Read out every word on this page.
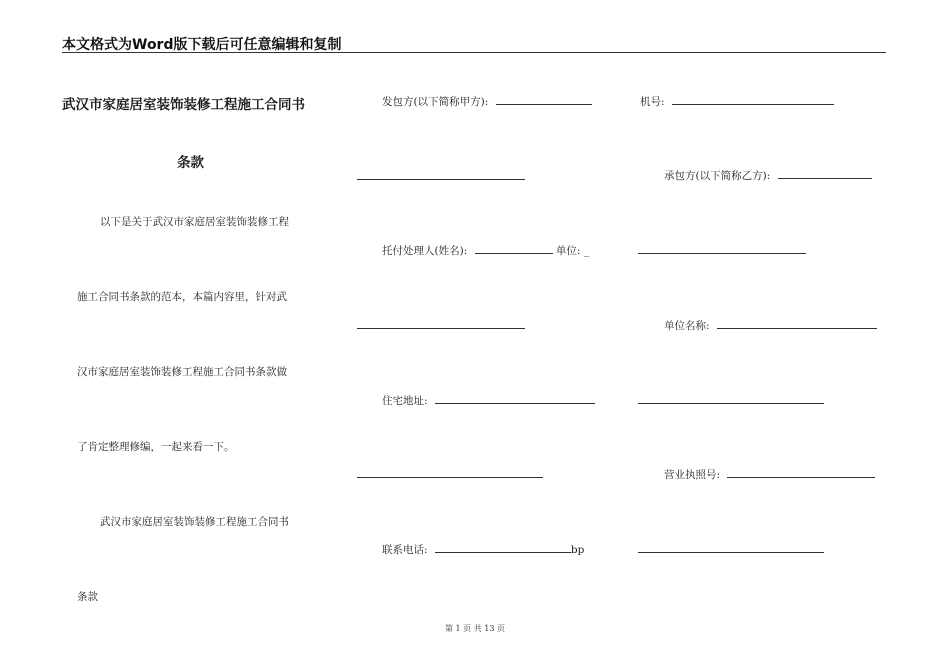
本文格式为Word版下载后可任意编辑和复制
武汉市家庭居室装饰装修工程施工合同书
条款
以下是关于武汉市家庭居室装饰装修工程
施工合同书条款的范本，本篇内容里，针对武
汉市家庭居室装饰装修工程施工合同书条款做
了肯定整理修编，一起来看一下。
武汉市家庭居室装饰装修工程施工合同书
条款
发包方(以下简称甲方):	机号:
承包方(以下简称乙方):
托付处理人(姓名):	单位: _
单位名称:
住宅地址:
营业执照号:
联系电话:	bp
第 1 页 共 13 页
